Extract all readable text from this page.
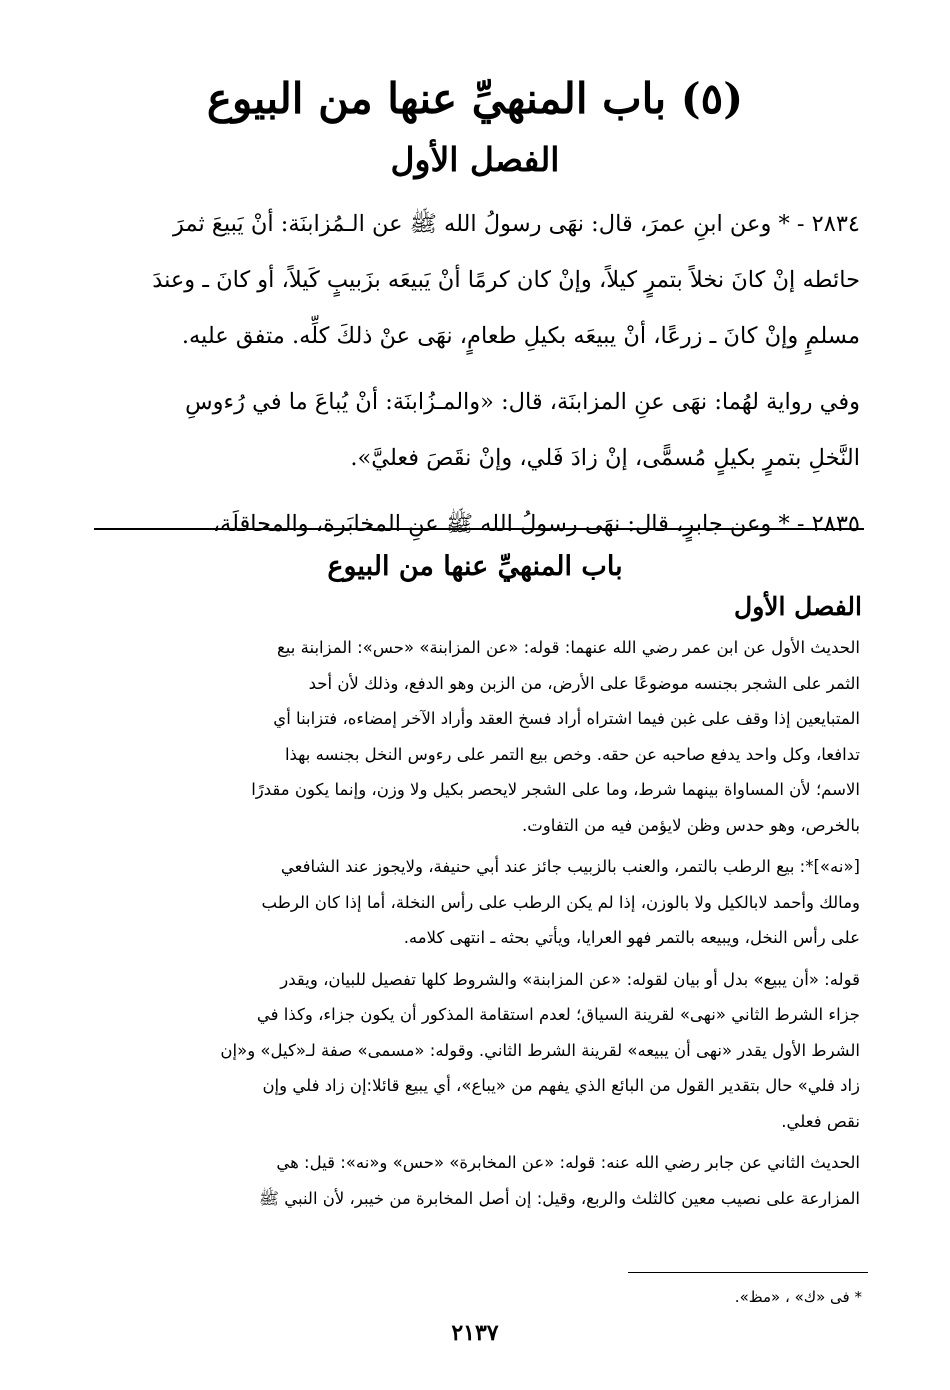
(٥) باب المنهيِّ عنها من البيوع
الفصل الأول

٢٨٣٤ - * وعن ابنِ عمرَ، قال: نهَى رسولُ الله ﷺ عن الـمُزابنَة: أنْ يَبيعَ ثمرَ
حائطه إنْ كانَ نخلاً بتمرٍ كيلاً، وإنْ كان كرمًا أنْ يَبيعَه بزَبيبٍ كَيلاً، أو كانَ ـ وعندَ
مسلمٍ وإنْ كانَ ـ زرعًا، أنْ يبيعَه بكيلِ طعامٍ، نهَى عنْ ذلكَ كلِّه. متفق عليه.

وفي رواية لهُما: نهَى عنِ المزابنَة، قال: «والمـزُابنَة: أنْ يُباعَ ما في رُءوسِ
النَّخلِ بتمرٍ بكيلٍ مُسمًّى، إنْ زادَ فَلي، وإنْ نقَصَ فعليَّ».

٢٨٣٥ - * وعن جابرٍ، قال: نهَى رسولُ الله ﷺ عنِ المخابَرة، والمحاقلَة،

باب المنهيِّ عنها من البيوع
الفصل الأول

الحديث الأول عن ابن عمر رضي الله عنهما: قوله: «عن المزابنة» «حس»: المزابنة بيع
الثمر على الشجر بجنسه موضوعًا على الأرض، من الزبن وهو الدفع، وذلك لأن أحد
المتبايعين إذا وقف على غبن فيما اشتراه أراد فسخ العقد وأراد الآخر إمضاءه، فتزابنا أي
تدافعا، وكل واحد يدفع صاحبه عن حقه. وخص بيع التمر على رءوس النخل بجنسه بهذا
الاسم؛ لأن المساواة بينهما شرط، وما على الشجر لايحصر بكيل ولا وزن، وإنما يكون مقدرًا
بالخرص، وهو حدس وظن لايؤمن فيه من التفاوت.

[«نه»]*: بيع الرطب بالتمر، والعنب بالزبيب جائز عند أبي حنيفة، ولايجوز عند الشافعي
ومالك وأحمد لابالكيل ولا بالوزن، إذا لم يكن الرطب على رأس النخلة، أما إذا كان الرطب
على رأس النخل، ويبيعه بالتمر فهو العرايا، ويأتي بحثه ـ انتهى كلامه.

قوله: «أن يبيع» بدل أو بيان لقوله: «عن المزابنة» والشروط كلها تفصيل للبيان، ويقدر
جزاء الشرط الثاني «نهى» لقرينة السياق؛ لعدم استقامة المذكور أن يكون جزاء، وكذا في
الشرط الأول يقدر «نهى أن يبيعه» لقرينة الشرط الثاني. وقوله: «مسمى» صفة لـ«كيل» و«إن
زاد فلي» حال بتقدير القول من البائع الذي يفهم من «يباع»، أي يبيع قائلا:إن زاد فلي وإن
نقص فعلي.

الحديث الثاني عن جابر رضي الله عنه: قوله: «عن المخابرة» «حس» و«نه»: قيل: هي
المزارعة على نصيب معين كالثلث والربع، وقيل: إن أصل المخابرة من خيبر، لأن النبي ﷺ

* فى «ك» ، «مظ».
٢١٣٧
